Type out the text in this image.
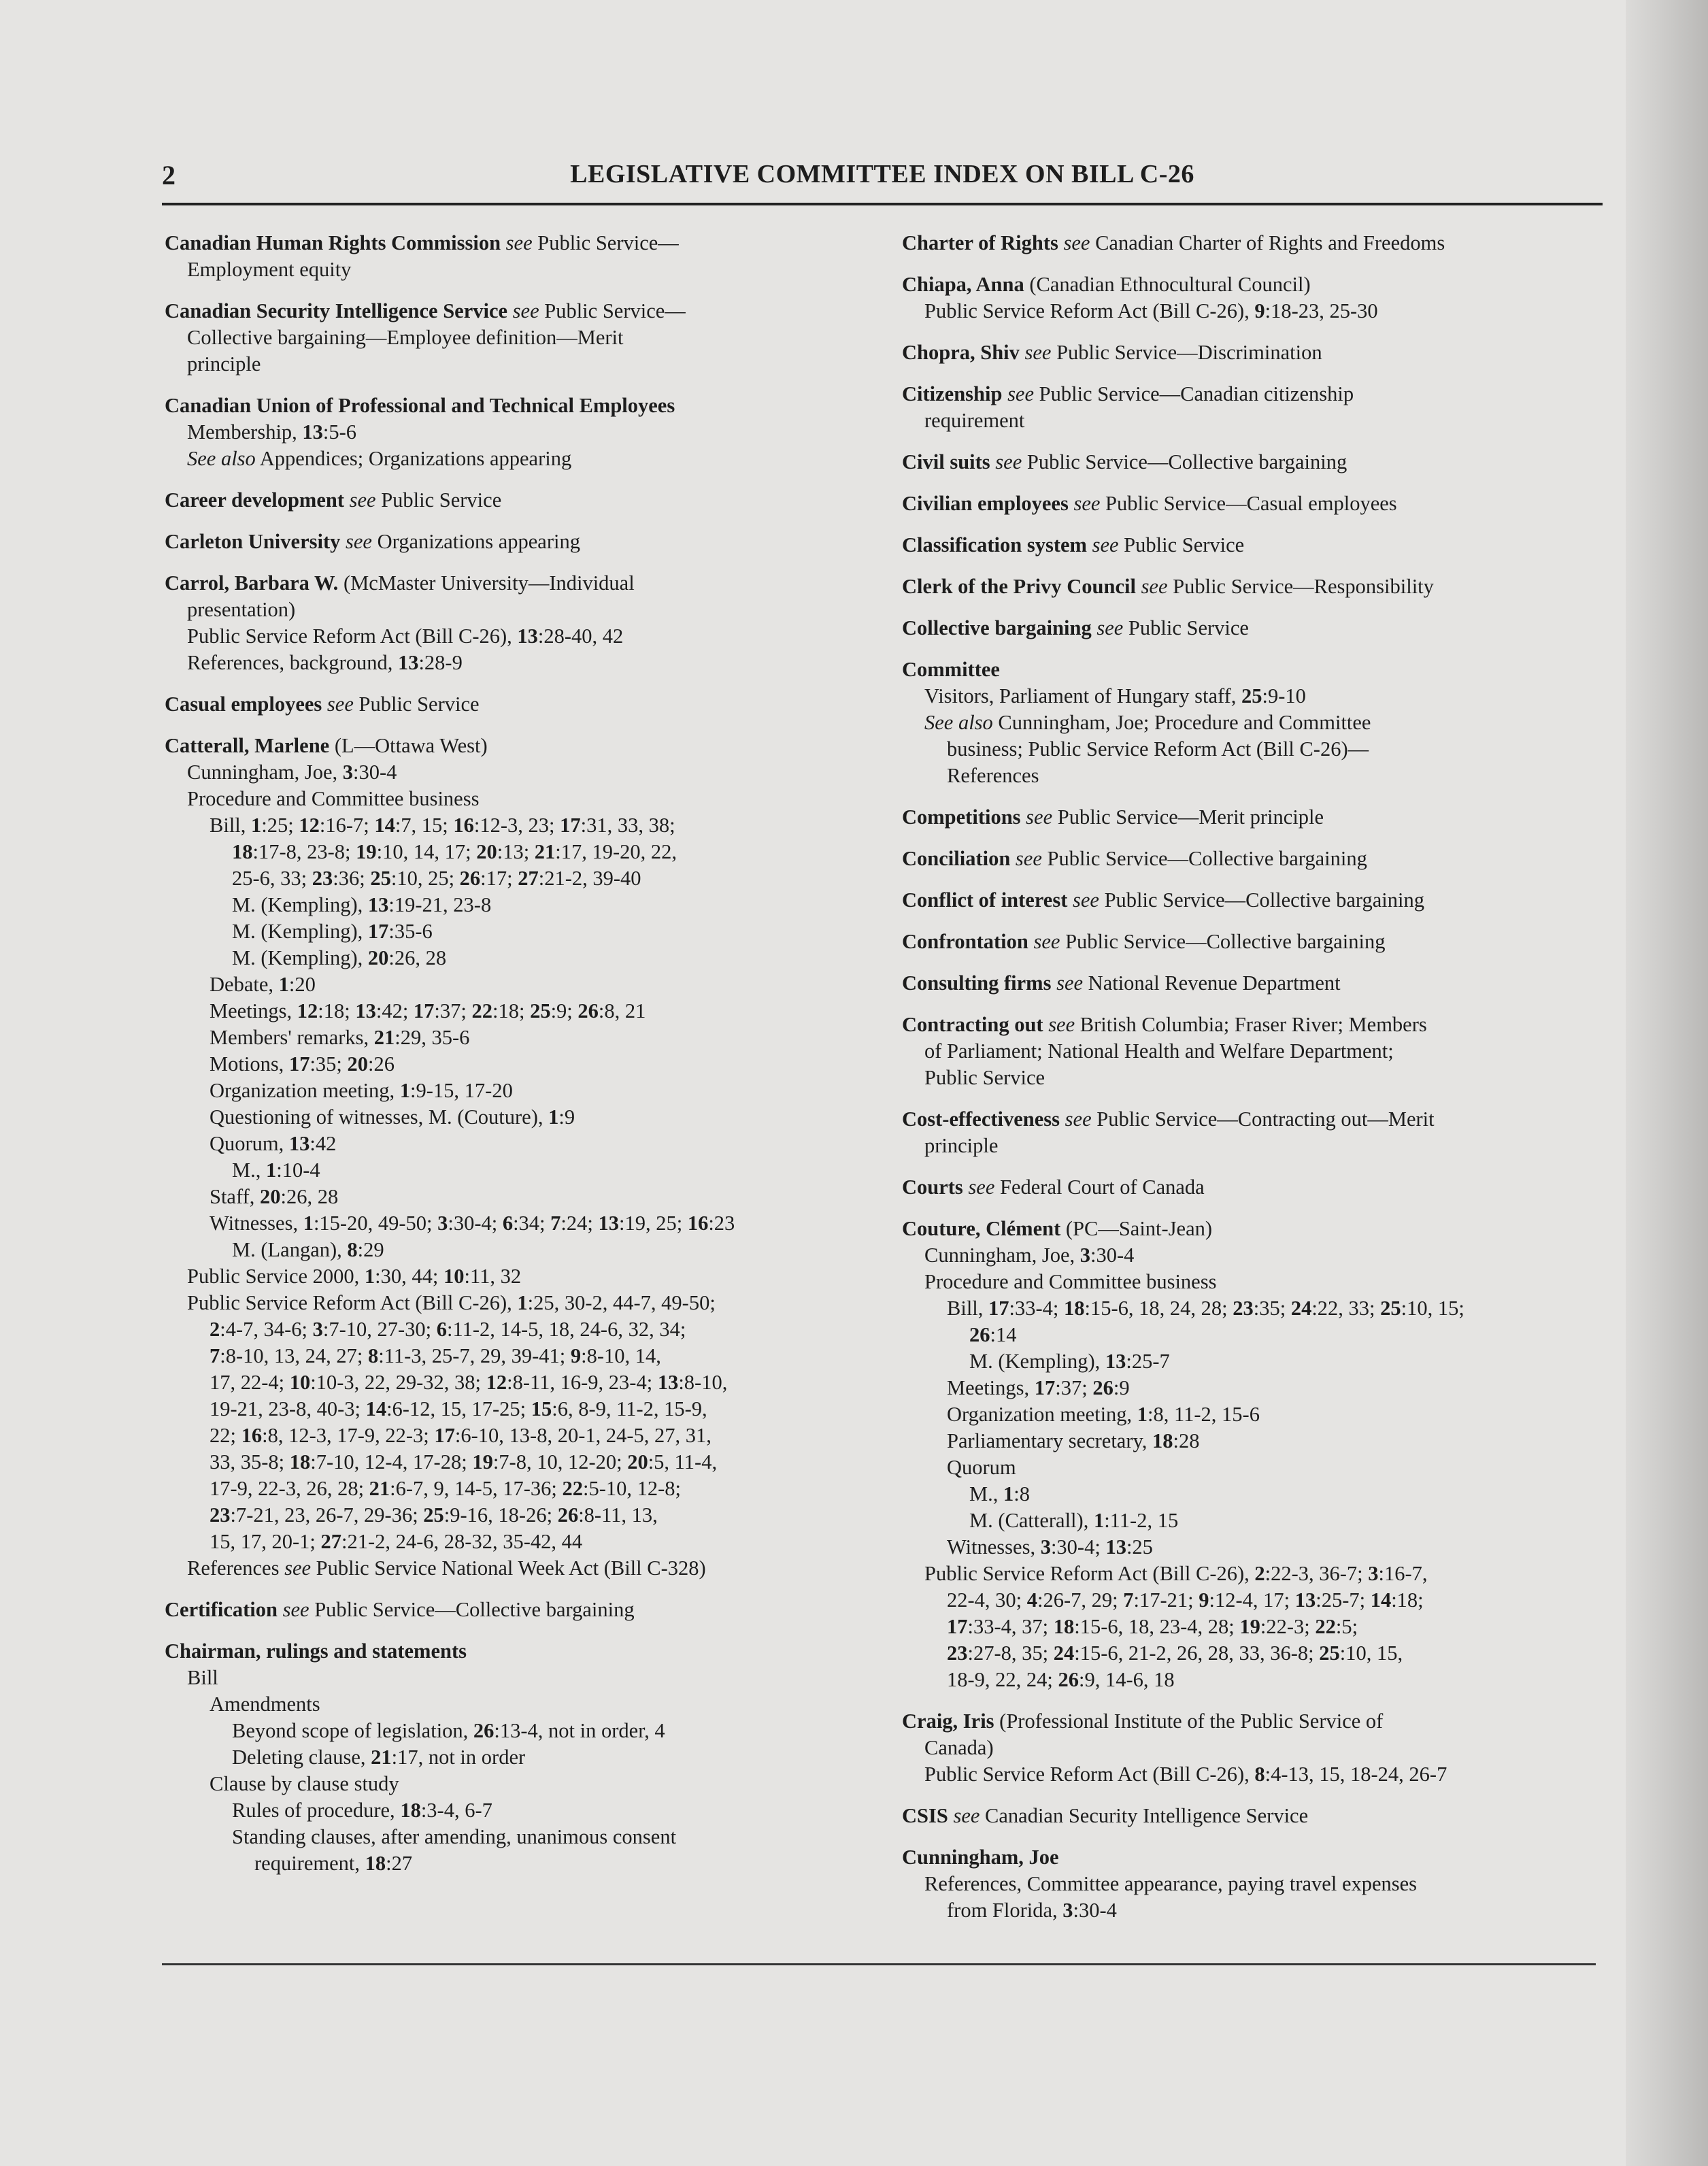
2	LEGISLATIVE COMMITTEE INDEX ON BILL C-26
Canadian Human Rights Commission see Public Service—
Employment equity
Canadian Security Intelligence Service see Public Service—
Collective bargaining—Employee definition—Merit
principle
Canadian Union of Professional and Technical Employees
Membership, 13:5-6
See also Appendices; Organizations appearing
Career development see Public Service
Carleton University see Organizations appearing
Carrol, Barbara W. (McMaster University—Individual
presentation)
Public Service Reform Act (Bill C-26), 13:28-40, 42
References, background, 13:28-9
Casual employees see Public Service
Catterall, Marlene (L—Ottawa West)
Cunningham, Joe, 3:30-4
Procedure and Committee business
Bill, 1:25; 12:16-7; 14:7, 15; 16:12-3, 23; 17:31, 33, 38;
18:17-8, 23-8; 19:10, 14, 17; 20:13; 21:17, 19-20, 22,
25-6, 33; 23:36; 25:10, 25; 26:17; 27:21-2, 39-40
M. (Kempling), 13:19-21, 23-8
M. (Kempling), 17:35-6
M. (Kempling), 20:26, 28
Debate, 1:20
Meetings, 12:18; 13:42; 17:37; 22:18; 25:9; 26:8, 21
Members' remarks, 21:29, 35-6
Motions, 17:35; 20:26
Organization meeting, 1:9-15, 17-20
Questioning of witnesses, M. (Couture), 1:9
Quorum, 13:42
M., 1:10-4
Staff, 20:26, 28
Witnesses, 1:15-20, 49-50; 3:30-4; 6:34; 7:24; 13:19, 25; 16:23
M. (Langan), 8:29
Public Service 2000, 1:30, 44; 10:11, 32
Public Service Reform Act (Bill C-26), 1:25, 30-2, 44-7, 49-50;
2:4-7, 34-6; 3:7-10, 27-30; 6:11-2, 14-5, 18, 24-6, 32, 34;
7:8-10, 13, 24, 27; 8:11-3, 25-7, 29, 39-41; 9:8-10, 14,
17, 22-4; 10:10-3, 22, 29-32, 38; 12:8-11, 16-9, 23-4; 13:8-10,
19-21, 23-8, 40-3; 14:6-12, 15, 17-25; 15:6, 8-9, 11-2, 15-9,
22; 16:8, 12-3, 17-9, 22-3; 17:6-10, 13-8, 20-1, 24-5, 27, 31,
33, 35-8; 18:7-10, 12-4, 17-28; 19:7-8, 10, 12-20; 20:5, 11-4,
17-9, 22-3, 26, 28; 21:6-7, 9, 14-5, 17-36; 22:5-10, 12-8;
23:7-21, 23, 26-7, 29-36; 25:9-16, 18-26; 26:8-11, 13,
15, 17, 20-1; 27:21-2, 24-6, 28-32, 35-42, 44
References see Public Service National Week Act (Bill C-328)
Certification see Public Service—Collective bargaining
Chairman, rulings and statements
Bill
Amendments
Beyond scope of legislation, 26:13-4, not in order, 4
Deleting clause, 21:17, not in order
Clause by clause study
Rules of procedure, 18:3-4, 6-7
Standing clauses, after amending, unanimous consent
requirement, 18:27
Charter of Rights see Canadian Charter of Rights and Freedoms
Chiapa, Anna (Canadian Ethnocultural Council)
Public Service Reform Act (Bill C-26), 9:18-23, 25-30
Chopra, Shiv see Public Service—Discrimination
Citizenship see Public Service—Canadian citizenship
requirement
Civil suits see Public Service—Collective bargaining
Civilian employees see Public Service—Casual employees
Classification system see Public Service
Clerk of the Privy Council see Public Service—Responsibility
Collective bargaining see Public Service
Committee
Visitors, Parliament of Hungary staff, 25:9-10
See also Cunningham, Joe; Procedure and Committee
business; Public Service Reform Act (Bill C-26)—
References
Competitions see Public Service—Merit principle
Conciliation see Public Service—Collective bargaining
Conflict of interest see Public Service—Collective bargaining
Confrontation see Public Service—Collective bargaining
Consulting firms see National Revenue Department
Contracting out see British Columbia; Fraser River; Members
of Parliament; National Health and Welfare Department;
Public Service
Cost-effectiveness see Public Service—Contracting out—Merit
principle
Courts see Federal Court of Canada
Couture, Clément (PC—Saint-Jean)
Cunningham, Joe, 3:30-4
Procedure and Committee business
Bill, 17:33-4; 18:15-6, 18, 24, 28; 23:35; 24:22, 33; 25:10, 15;
26:14
M. (Kempling), 13:25-7
Meetings, 17:37; 26:9
Organization meeting, 1:8, 11-2, 15-6
Parliamentary secretary, 18:28
Quorum
M., 1:8
M. (Catterall), 1:11-2, 15
Witnesses, 3:30-4; 13:25
Public Service Reform Act (Bill C-26), 2:22-3, 36-7; 3:16-7,
22-4, 30; 4:26-7, 29; 7:17-21; 9:12-4, 17; 13:25-7; 14:18;
17:33-4, 37; 18:15-6, 18, 23-4, 28; 19:22-3; 22:5;
23:27-8, 35; 24:15-6, 21-2, 26, 28, 33, 36-8; 25:10, 15,
18-9, 22, 24; 26:9, 14-6, 18
Craig, Iris (Professional Institute of the Public Service of
Canada)
Public Service Reform Act (Bill C-26), 8:4-13, 15, 18-24, 26-7
CSIS see Canadian Security Intelligence Service
Cunningham, Joe
References, Committee appearance, paying travel expenses
from Florida, 3:30-4
